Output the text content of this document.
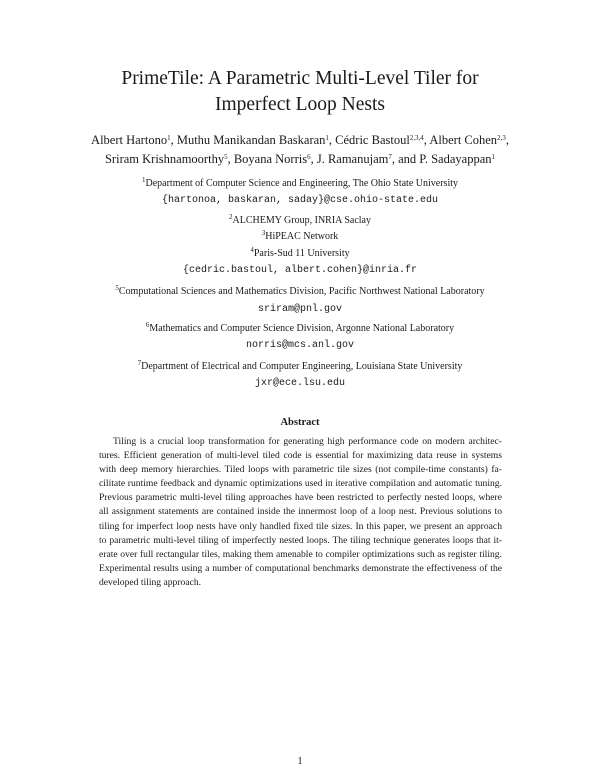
PrimeTile: A Parametric Multi-Level Tiler for
Imperfect Loop Nests
Albert Hartono$^1$, Muthu Manikandan Baskaran$^1$, Cédric Bastoul$^{2,3,4}$, Albert Cohen$^{2,3}$,
Sriram Krishnamoorthy$^5$, Boyana Norris$^6$, J. Ramanujam$^7$, and P. Sadayappan$^1$
$^1$Department of Computer Science and Engineering, The Ohio State University
{hartonoa, baskaran, saday}@cse.ohio-state.edu
$^2$ALCHEMY Group, INRIA Saclay
$^3$HiPEAC Network
$^4$Paris-Sud 11 University
{cedric.bastoul, albert.cohen}@inria.fr
$^5$Computational Sciences and Mathematics Division, Pacific Northwest National Laboratory
sriram@pnl.gov
$^6$Mathematics and Computer Science Division, Argonne National Laboratory
norris@mcs.anl.gov
$^7$Department of Electrical and Computer Engineering, Louisiana State University
jxr@ece.lsu.edu
Abstract
Tiling is a crucial loop transformation for generating high performance code on modern architec-
tures. Efficient generation of multi-level tiled code is essential for maximizing data reuse in systems
with deep memory hierarchies. Tiled loops with parametric tile sizes (not compile-time constants) fa-
cilitate runtime feedback and dynamic optimizations used in iterative compilation and automatic tuning.
Previous parametric multi-level tiling approaches have been restricted to perfectly nested loops, where
all assignment statements are contained inside the innermost loop of a loop nest. Previous solutions to
tiling for imperfect loop nests have only handled fixed tile sizes. In this paper, we present an approach
to parametric multi-level tiling of imperfectly nested loops. The tiling technique generates loops that it-
erate over full rectangular tiles, making them amenable to compiler optimizations such as register tiling.
Experimental results using a number of computational benchmarks demonstrate the effectiveness of the
developed tiling approach.
1
